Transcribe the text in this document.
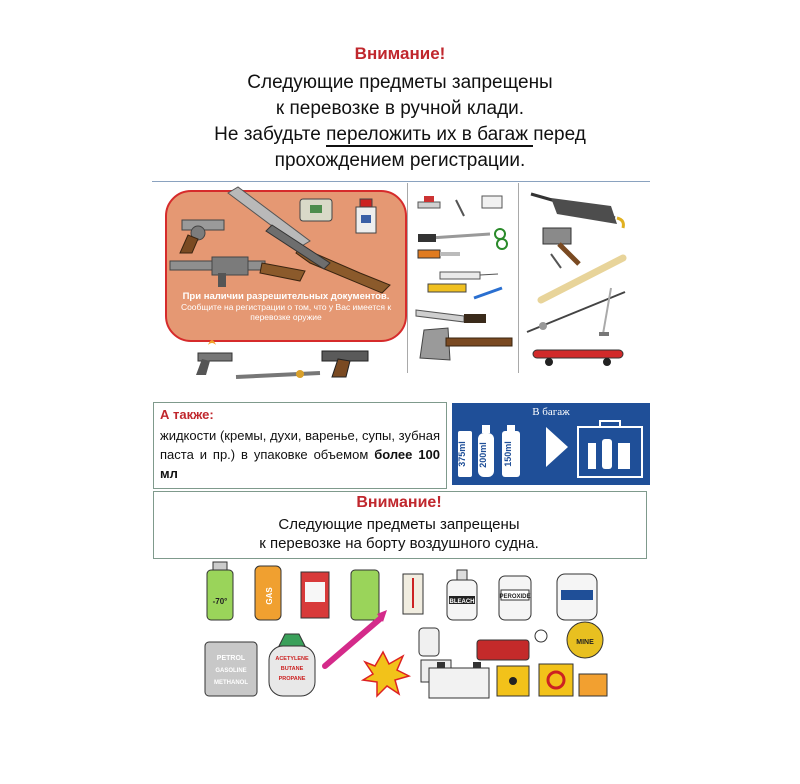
Внимание!
Следующие предметы запрещены
к перевозке в ручной клади.
Не забудьте переложить их в багаж перед
прохождением регистрации.
При наличии разрешительных документов.
Сообщите на регистрации о том, что у Вас имеется к перевозке оружие
А также:
жидкости (кремы, духи, варенье, супы, зубная паста и пр.) в упаковке объемом более 100 мл
В багаж
375ml 200ml 150ml
Внимание!
Следующие предметы запрещены
к перевозке на борту воздушного судна.
-70°	GAS	BLEACH
PEROXIDE
PETROL
GASOLINE
METHANOL
ACETYLENE
BUTANE
PROPANE
MINE
